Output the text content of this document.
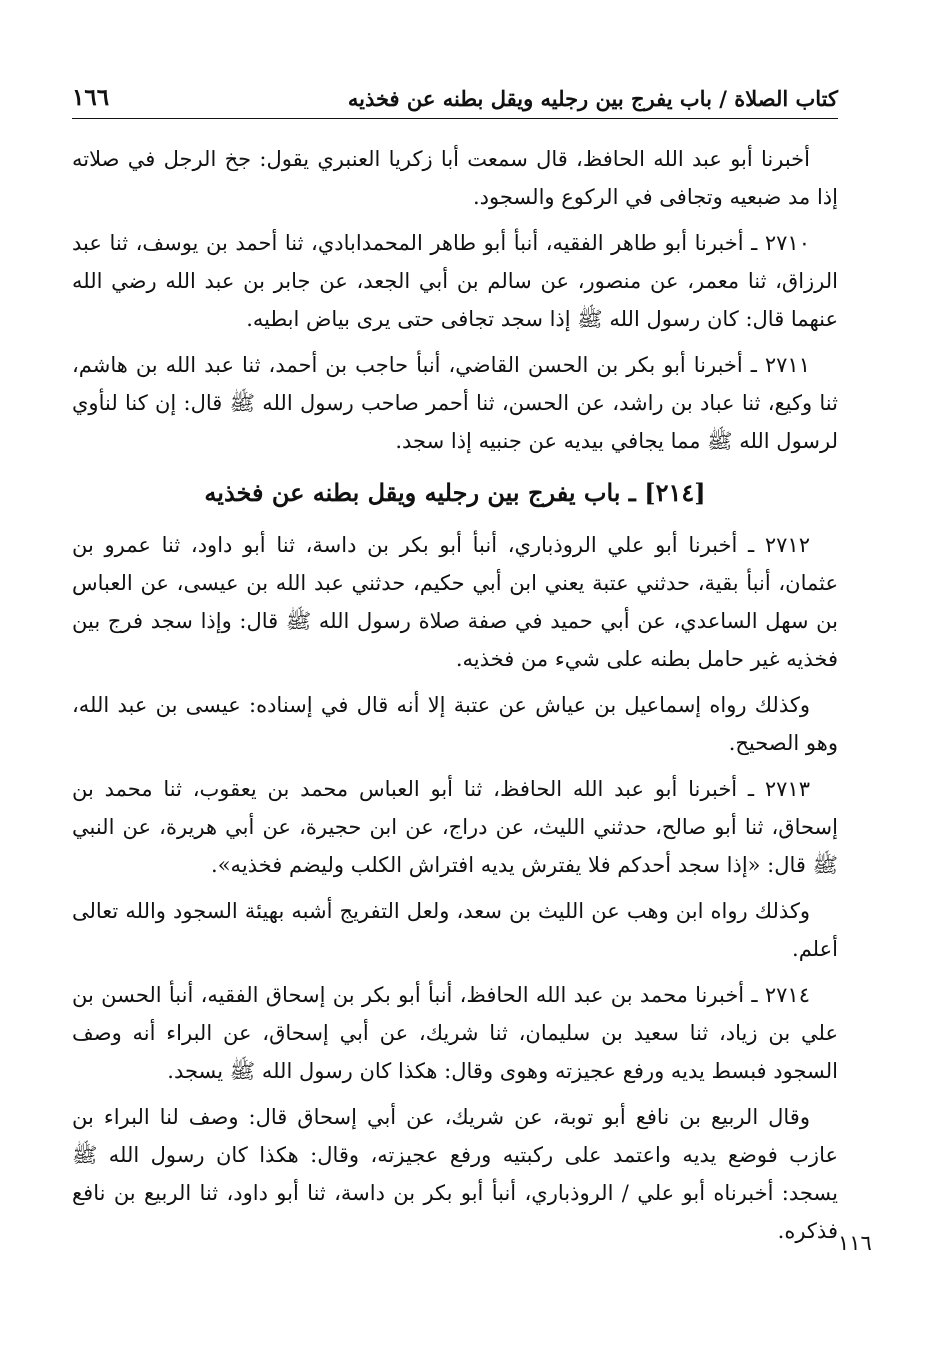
١٦٦	كتاب الصلاة / باب يفرج بين رجليه ويقل بطنه عن فخذيه

أخبرنا أبو عبد الله الحافظ، قال سمعت أبا زكريا العنبري يقول: جخ الرجل في صلاته إذا مد ضبعيه وتجافى في الركوع والسجود.

٢٧١٠ ـ أخبرنا أبو طاهر الفقيه، أنبأ أبو طاهر المحمدابادي، ثنا أحمد بن يوسف، ثنا عبد الرزاق، ثنا معمر، عن منصور، عن سالم بن أبي الجعد، عن جابر بن عبد الله رضي الله عنهما قال: كان رسول الله ﷺ إذا سجد تجافى حتى يرى بياض ابطيه.

٢٧١١ ـ أخبرنا أبو بكر بن الحسن القاضي، أنبأ حاجب بن أحمد، ثنا عبد الله بن هاشم، ثنا وكيع، ثنا عباد بن راشد، عن الحسن، ثنا أحمر صاحب رسول الله ﷺ قال: إن كنا لنأوي لرسول الله ﷺ مما يجافي بيديه عن جنبيه إذا سجد.

[٢١٤] ـ باب يفرج بين رجليه ويقل بطنه عن فخذيه

٢٧١٢ ـ أخبرنا أبو علي الروذباري، أنبأ أبو بكر بن داسة، ثنا أبو داود، ثنا عمرو بن عثمان، أنبأ بقية، حدثني عتبة يعني ابن أبي حكيم، حدثني عبد الله بن عيسى، عن العباس بن سهل الساعدي، عن أبي حميد في صفة صلاة رسول الله ﷺ قال: وإذا سجد فرج بين فخذيه غير حامل بطنه على شيء من فخذيه.

وكذلك رواه إسماعيل بن عياش عن عتبة إلا أنه قال في إسناده: عيسى بن عبد الله، وهو الصحيح.

٢٧١٣ ـ أخبرنا أبو عبد الله الحافظ، ثنا أبو العباس محمد بن يعقوب، ثنا محمد بن إسحاق، ثنا أبو صالح، حدثني الليث، عن دراج، عن ابن حجيرة، عن أبي هريرة، عن النبي ﷺ قال: «إذا سجد أحدكم فلا يفترش يديه افتراش الكلب وليضم فخذيه».

وكذلك رواه ابن وهب عن الليث بن سعد، ولعل التفريج أشبه بهيئة السجود والله تعالى أعلم.

٢٧١٤ ـ أخبرنا محمد بن عبد الله الحافظ، أنبأ أبو بكر بن إسحاق الفقيه، أنبأ الحسن بن علي بن زياد، ثنا سعيد بن سليمان، ثنا شريك، عن أبي إسحاق، عن البراء أنه وصف السجود فبسط يديه ورفع عجيزته وهوى وقال: هكذا كان رسول الله ﷺ يسجد.

وقال الربيع بن نافع أبو توبة، عن شريك، عن أبي إسحاق قال: وصف لنا البراء بن عازب فوضع يديه واعتمد على ركبتيه ورفع عجيزته، وقال: هكذا كان رسول الله ﷺ يسجد: أخبرناه أبو علي / الروذباري، أنبأ أبو بكر بن داسة، ثنا أبو داود، ثنا الربيع بن نافع فذكره. ١١٦
